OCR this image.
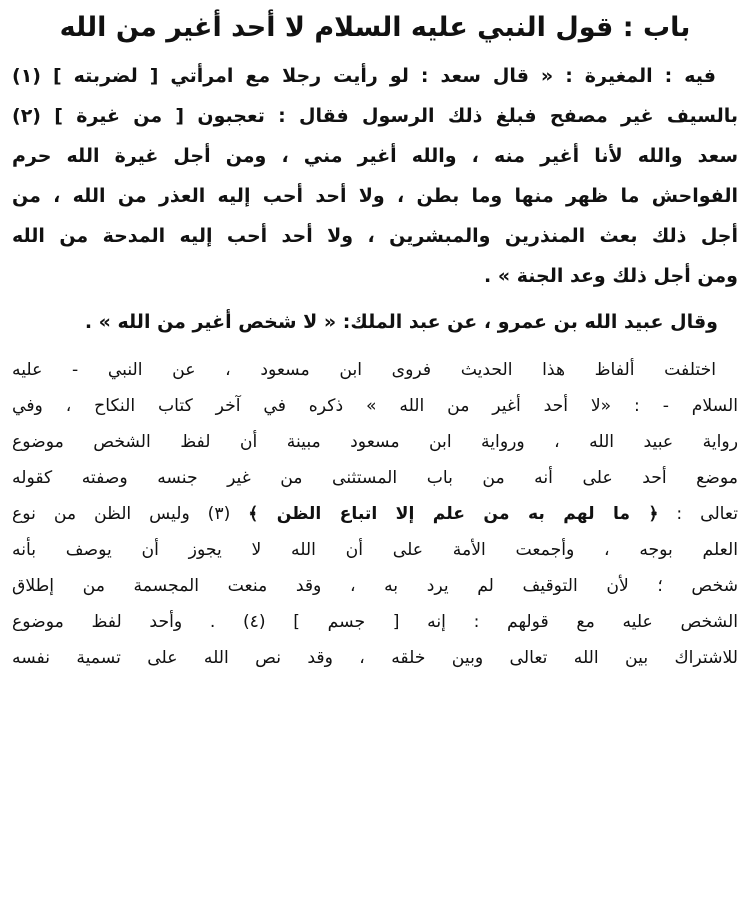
باب : قول النبي عليه السلام لا أحد أغير من الله
فيه : المغيرة : « قال سعد : لو رأيت رجلا مع امرأتي [ لضربته ] (١)
بالسيف غير مصفح فبلغ ذلك الرسول فقال : تعجبون [ من غيرة ] (٢)
سعد والله لأنا أغير منه ، والله أغير مني ، ومن أجل غيرة الله حرم
الفواحش ما ظهر منها وما بطن ، ولا أحد أحب إليه العذر من الله ، من
أجل ذلك بعث المنذرين والمبشرين ، ولا أحد أحب إليه المدحة من الله
ومن أجل ذلك وعد الجنة » .
وقال عبيد الله بن عمرو ، عن عبد الملك: « لا شخص أغير من الله » .
اختلفت ألفاظ هذا الحديث فروى ابن مسعود ، عن النبي - عليه
السلام - : «لا أحد أغير من الله » ذكره في آخر كتاب النكاح ، وفي
رواية عبيد الله ، ورواية ابن مسعود مبينة أن لفظ الشخص موضوع
موضع أحد على أنه من باب المستثنى من غير جنسه وصفته كقوله
تعالى : ﴿ ما لهم به من علم إلا اتباع الظن ﴾ (٣) وليس الظن من نوع
العلم بوجه ، وأجمعت الأمة على أن الله لا يجوز أن يوصف بأنه
شخص ؛ لأن التوقيف لم يرد به ، وقد منعت المجسمة من إطلاق
الشخص عليه مع قولهم : إنه [ جسم ] (٤) . وأحد لفظ موضوع
للاشتراك بين الله تعالى وبين خلقه ، وقد نص الله على تسمية نفسه
